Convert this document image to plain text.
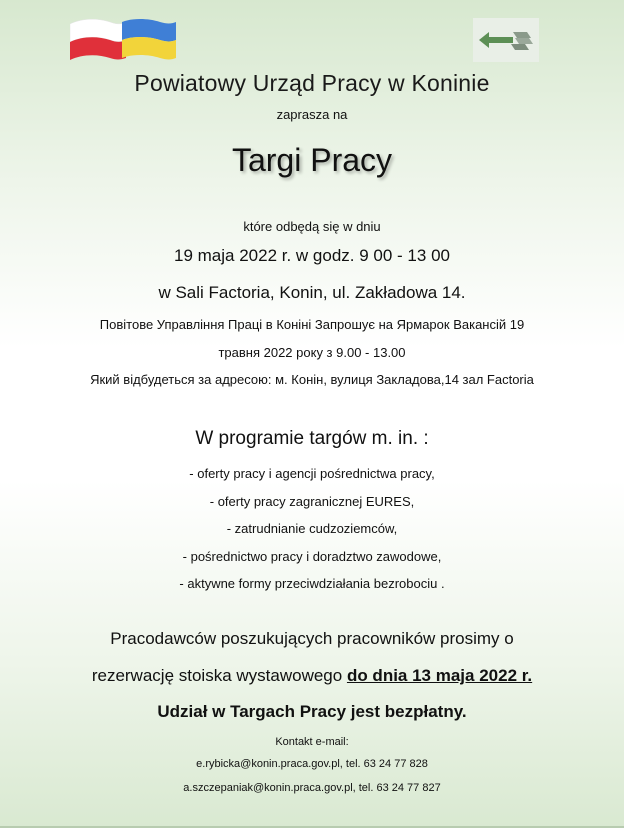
Powiatowy Urząd Pracy w Koninie
zaprasza na
Targi Pracy
które odbędą się w dniu
19 maja 2022 r. w godz. 9 00 - 13 00
w Sali Factoria, Konin, ul. Zakładowa 14.
Повітове Управління Праці в Коніні Запрошує на Ярмарок Вакансій 19
травня 2022 року з 9.00 - 13.00
Який відбудеться за адресою: м. Конін, вулиця Закладова,14 зал Factoria
W programie targów m. in. :
- oferty pracy i agencji pośrednictwa pracy,
- oferty pracy zagranicznej EURES,
- zatrudnianie cudzoziemców,
- pośrednictwo pracy i doradztwo zawodowe,
- aktywne formy przeciwdziałania bezrobociu .
Pracodawców poszukujących pracowników prosimy o
rezerwację stoiska wystawowego do dnia 13 maja 2022 r.
Udział w Targach Pracy jest bezpłatny.
Kontakt e-mail:
e.rybicka@konin.praca.gov.pl, tel. 63 24 77 828
a.szczepaniak@konin.praca.gov.pl, tel. 63 24 77 827
